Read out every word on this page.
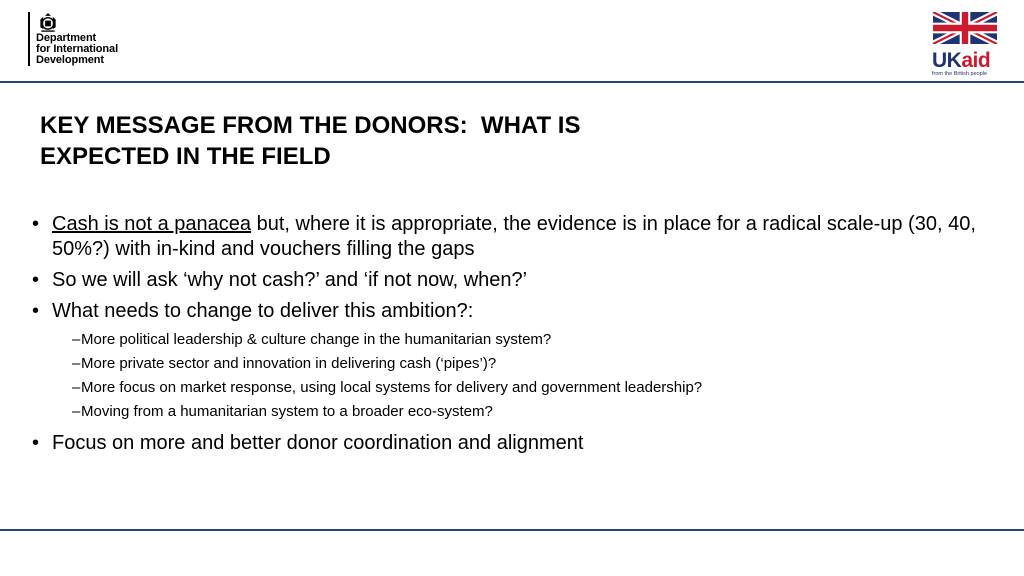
Department
for International
Development	UKaid
from the British people
KEY MESSAGE FROM THE DONORS:  WHAT IS
EXPECTED IN THE FIELD
• Cash is not a panacea but, where it is appropriate, the evidence is in place for a radical scale-up (30, 40, 50%?) with in-kind and vouchers filling the gaps
• So we will ask ‘why not cash?’ and ‘if not now, when?’
• What needs to change to deliver this ambition?:
– More political leadership & culture change in the humanitarian system?
– More private sector and innovation in delivering cash (‘pipes’)?
– More focus on market response, using local systems for delivery and government leadership?
– Moving from a humanitarian system to a broader eco-system?
• Focus on more and better donor coordination and alignment
